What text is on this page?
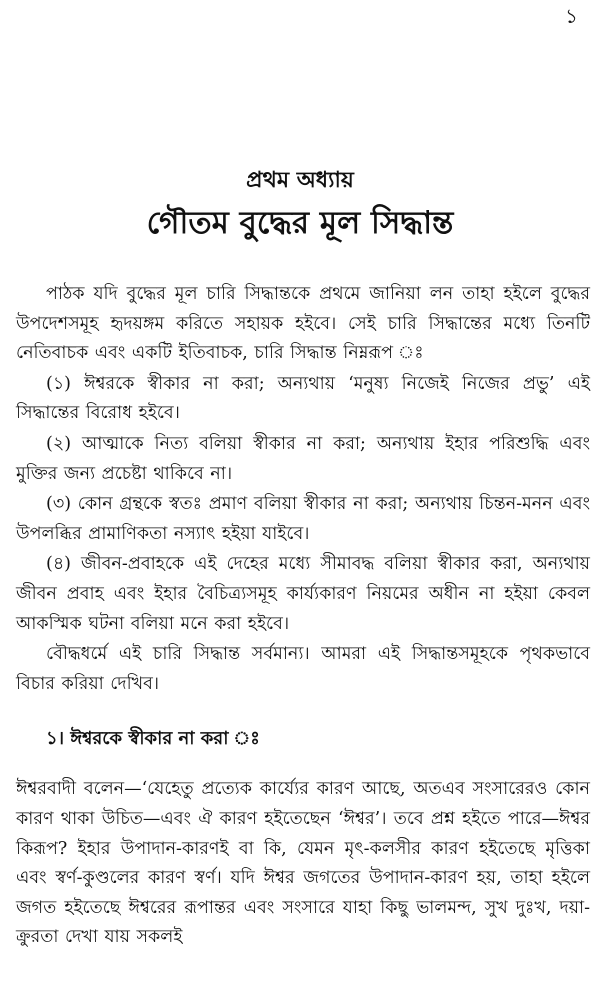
১
প্রথম অধ্যায়
গৌতম বুদ্ধের মূল সিদ্ধান্ত

পাঠক যদি বুদ্ধের মূল চারি সিদ্ধান্তকে প্রথমে জানিয়া লন তাহা হইলে বুদ্ধের উপদেশসমূহ হৃদয়ঙ্গম করিতে সহায়ক হইবে। সেই চারি সিদ্ধান্তের মধ্যে তিনটি নেতিবাচক এবং একটি ইতিবাচক, চারি সিদ্ধান্ত নিম্নরূপ ঃ

(১) ঈশ্বরকে স্বীকার না করা; অন্যথায় ‘মনুষ্য নিজেই নিজের প্রভু’ এই সিদ্ধান্তের বিরোধ হইবে।

(২) আত্মাকে নিত্য বলিয়া স্বীকার না করা; অন্যথায় ইহার পরিশুদ্ধি এবং মুক্তির জন্য প্রচেষ্টা থাকিবে না।

(৩) কোন গ্রন্থকে স্বতঃ প্রমাণ বলিয়া স্বীকার না করা; অন্যথায় চিন্তন-মনন এবং উপলব্ধির প্রামাণিকতা নস্যাৎ হইয়া যাইবে।

(৪) জীবন-প্রবাহকে এই দেহের মধ্যে সীমাবদ্ধ বলিয়া স্বীকার করা, অন্যথায় জীবন প্রবাহ এবং ইহার বৈচিত্র্যসমূহ কার্য্যকারণ নিয়মের অধীন না হইয়া কেবল আকস্মিক ঘটনা বলিয়া মনে করা হইবে।

বৌদ্ধধর্মে এই চারি সিদ্ধান্ত সর্বমান্য। আমরা এই সিদ্ধান্তসমূহকে পৃথকভাবে বিচার করিয়া দেখিব।

১। ঈশ্বরকে স্বীকার না করা ঃ

ঈশ্বরবাদী বলেন—‘যেহেতু প্রত্যেক কার্য্যের কারণ আছে, অতএব সংসারেরও কোন কারণ থাকা উচিত—এবং ঐ কারণ হইতেছেন ‘ঈশ্বর’। তবে প্রশ্ন হইতে পারে—ঈশ্বর কিরূপ? ইহার উপাদান-কারণই বা কি, যেমন মৃৎ-কলসীর কারণ হইতেছে মৃত্তিকা এবং স্বর্ণ-কুণ্ডলের কারণ স্বর্ণ। যদি ঈশ্বর জগতের উপাদান-কারণ হয়, তাহা হইলে জগত হইতেছে ঈশ্বরের রূপান্তর এবং সংসারে যাহা কিছু ভালমন্দ, সুখ দুঃখ, দয়া-ক্রুরতা দেখা যায় সকলই
